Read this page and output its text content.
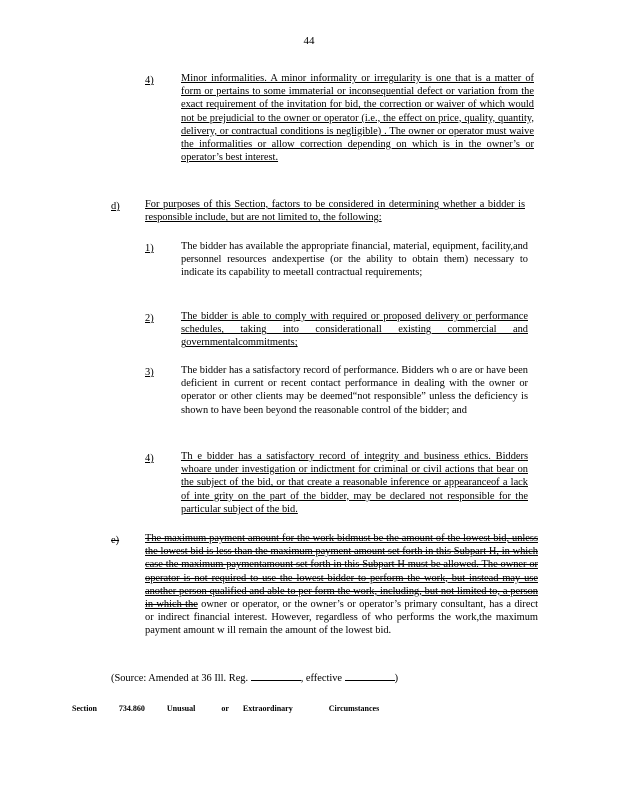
44
4)	Minor informalities. A minor informality or irregularity is one that is a matter of form or pertains to some immaterial or inconsequential defect or variation from the exact requirement of the invitation for bid, the correction or waiver of which would not be prejudicial to the owner or operator (i.e., the effect on price, quality, quantity, delivery, or contractual conditions is negligible) . The owner or operator must waive the informalities or allow correction depending on which is in the owner’s or operator’s best interest.
d) For purposes of this Section, factors to be considered in determining whether a bidder is responsible include, but are not limited to, the following:
1)	The bidder has available the appropriate financial, material, equipment, facility,and personnel resources andexpertise (or the ability to obtain them) necessary to indicate its capability to meetall contractual requirements;
2)	The bidder is able to comply with required or proposed delivery or performance schedules, taking into considerationall existing commercial and governmentalcommitments;
3)	The bidder has a satisfactory record of performance. Bidders wh o are or have been deficient in current or recent contact performance in dealing with the owner or operator or other clients may be deemed“not responsible” unless the deficiency is shown to have been beyond the reasonable control of the bidder; and
4)	Th e bidder has a satisfactory record of integrity and business ethics. Bidders whoare under investigation or indictment for criminal or civil actions that bear on the subject of the bid, or that create a reasonable inference or appearanceof a lack of inte grity on the part of the bidder, may be declared not responsible for the particular subject of the bid.
e) The maximum payment amount for the work bidmust be the amount of the lowest bid, unless the lowest bid is less than the maximum payment amount set forth in this Subpart H, in which case the maximum paymentamount set forth in this Subpart H must be allowed. The owner or operator is not required to use the lowest bidder to perform the work, but instead may use another person qualified and able to per form the work, including, but not limited to, a person in which the owner or operator, or the owner’s or operator’s primary consultant, has a direct or indirect financial interest. However, regardless of who performs the work,the maximum payment amount w ill remain the amount of the lowest bid.
(Source: Amended at 36 Ill. Reg.	, effective	)
Section	734.860	Unusual	or Extraordinary	Circumstances
